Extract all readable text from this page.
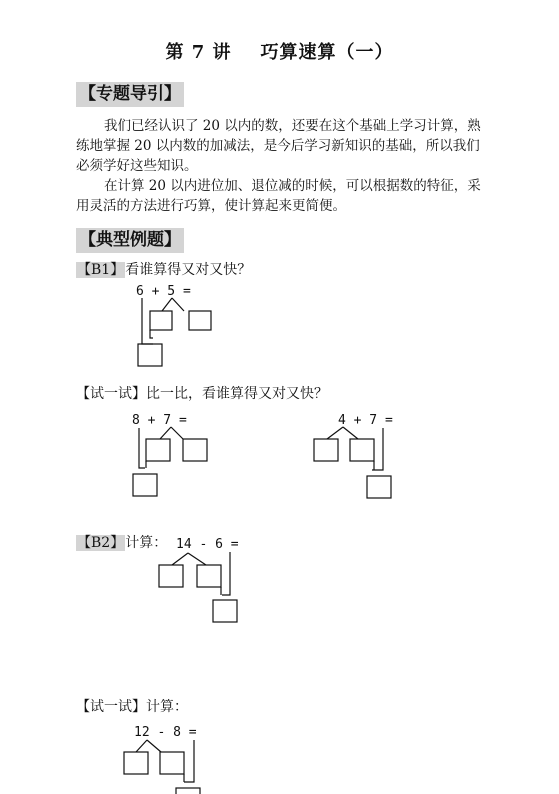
第 7 讲    巧算速算（一）
【专题导引】

我们已经认识了 20 以内的数，还要在这个基础上学习计算，熟练地掌握 20 以内数的加减法，是今后学习新知识的基础，所以我们必须学好这些知识。

在计算 20 以内进位加、退位减的时候，可以根据数的特征，采用灵活的方法进行巧算，使计算起来更简便。

【典型例题】
【B1】看谁算得又对又快？
6 + 5 =
【试一试】比一比，看谁算得又对又快？
8 + 7 =	4 + 7 =
【B2】计算： 14 - 6 =
【试一试】计算：
12 - 8 =
